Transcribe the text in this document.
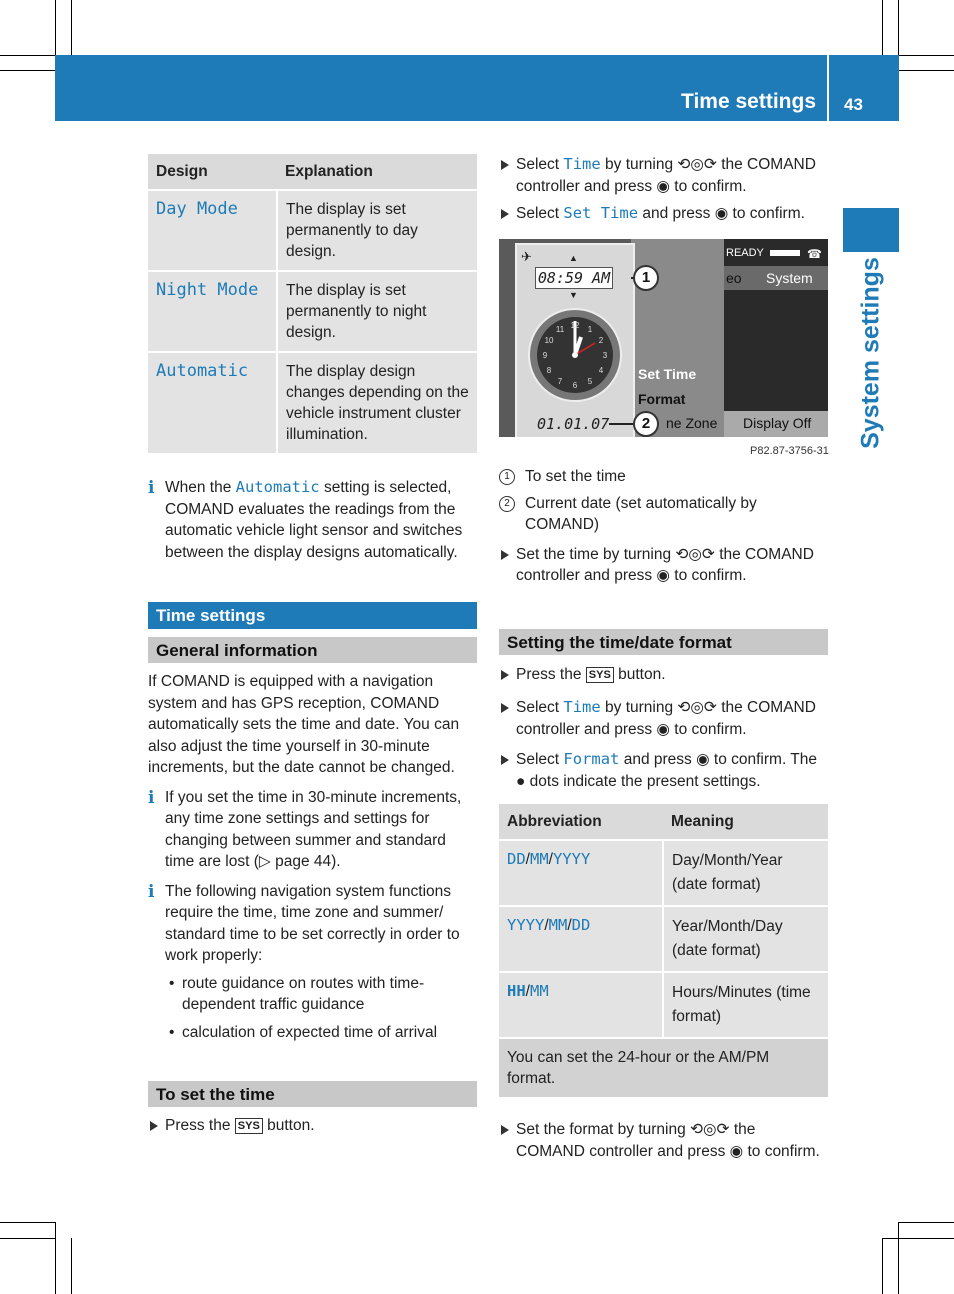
Time settings 43
System settings
Design	Explanation
Day Mode	The display is set permanently to day design.
Night Mode	The display is set permanently to night design.
Automatic	The display design changes depending on the vehicle instrument cluster illumination.
i When the Automatic setting is selected, COMAND evaluates the readings from the automatic vehicle light sensor and switches between the display designs automatically.
Time settings
General information
If COMAND is equipped with a navigation system and has GPS reception, COMAND automatically sets the time and date. You can also adjust the time yourself in 30-minute increments, but the date cannot be changed.
i If you set the time in 30-minute increments, any time zone settings and settings for changing between summer and standard time are lost (▷ page 44).
i The following navigation system functions require the time, time zone and summer/ standard time to be set correctly in order to work properly:
• route guidance on routes with time-dependent traffic guidance
• calculation of expected time of arrival
To set the time
Press the SYS button.
Select Time by turning ⟲◎⟳ the COMAND controller and press ◉ to confirm.
Select Set Time and press ◉ to confirm.
Set Time
Format
ne Zone
READY	☎
eo System
Display Off
✈
08:59 AM
▲
▼
12 1
2
3
4
5
6
7
8
9
10
11
01.01.07
1
2
P82.87-3756-31
1 To set the time
2 Current date (set automatically by COMAND)
Set the time by turning ⟲◎⟳ the COMAND controller and press ◉ to confirm.
Setting the time/date format
Press the SYS button.
Select Time by turning ⟲◎⟳ the COMAND controller and press ◉ to confirm.
Select Format and press ◉ to confirm. The ● dots indicate the present settings.
Abbreviation	Meaning
DD/MM/YYYY	Day/Month/Year (date format)
YYYY/MM/DD	Year/Month/Day (date format)
HH/MM	Hours/Minutes (time format)
You can set the 24-hour or the AM/PM format.	
Set the format by turning ⟲◎⟳ the COMAND controller and press ◉ to confirm.
